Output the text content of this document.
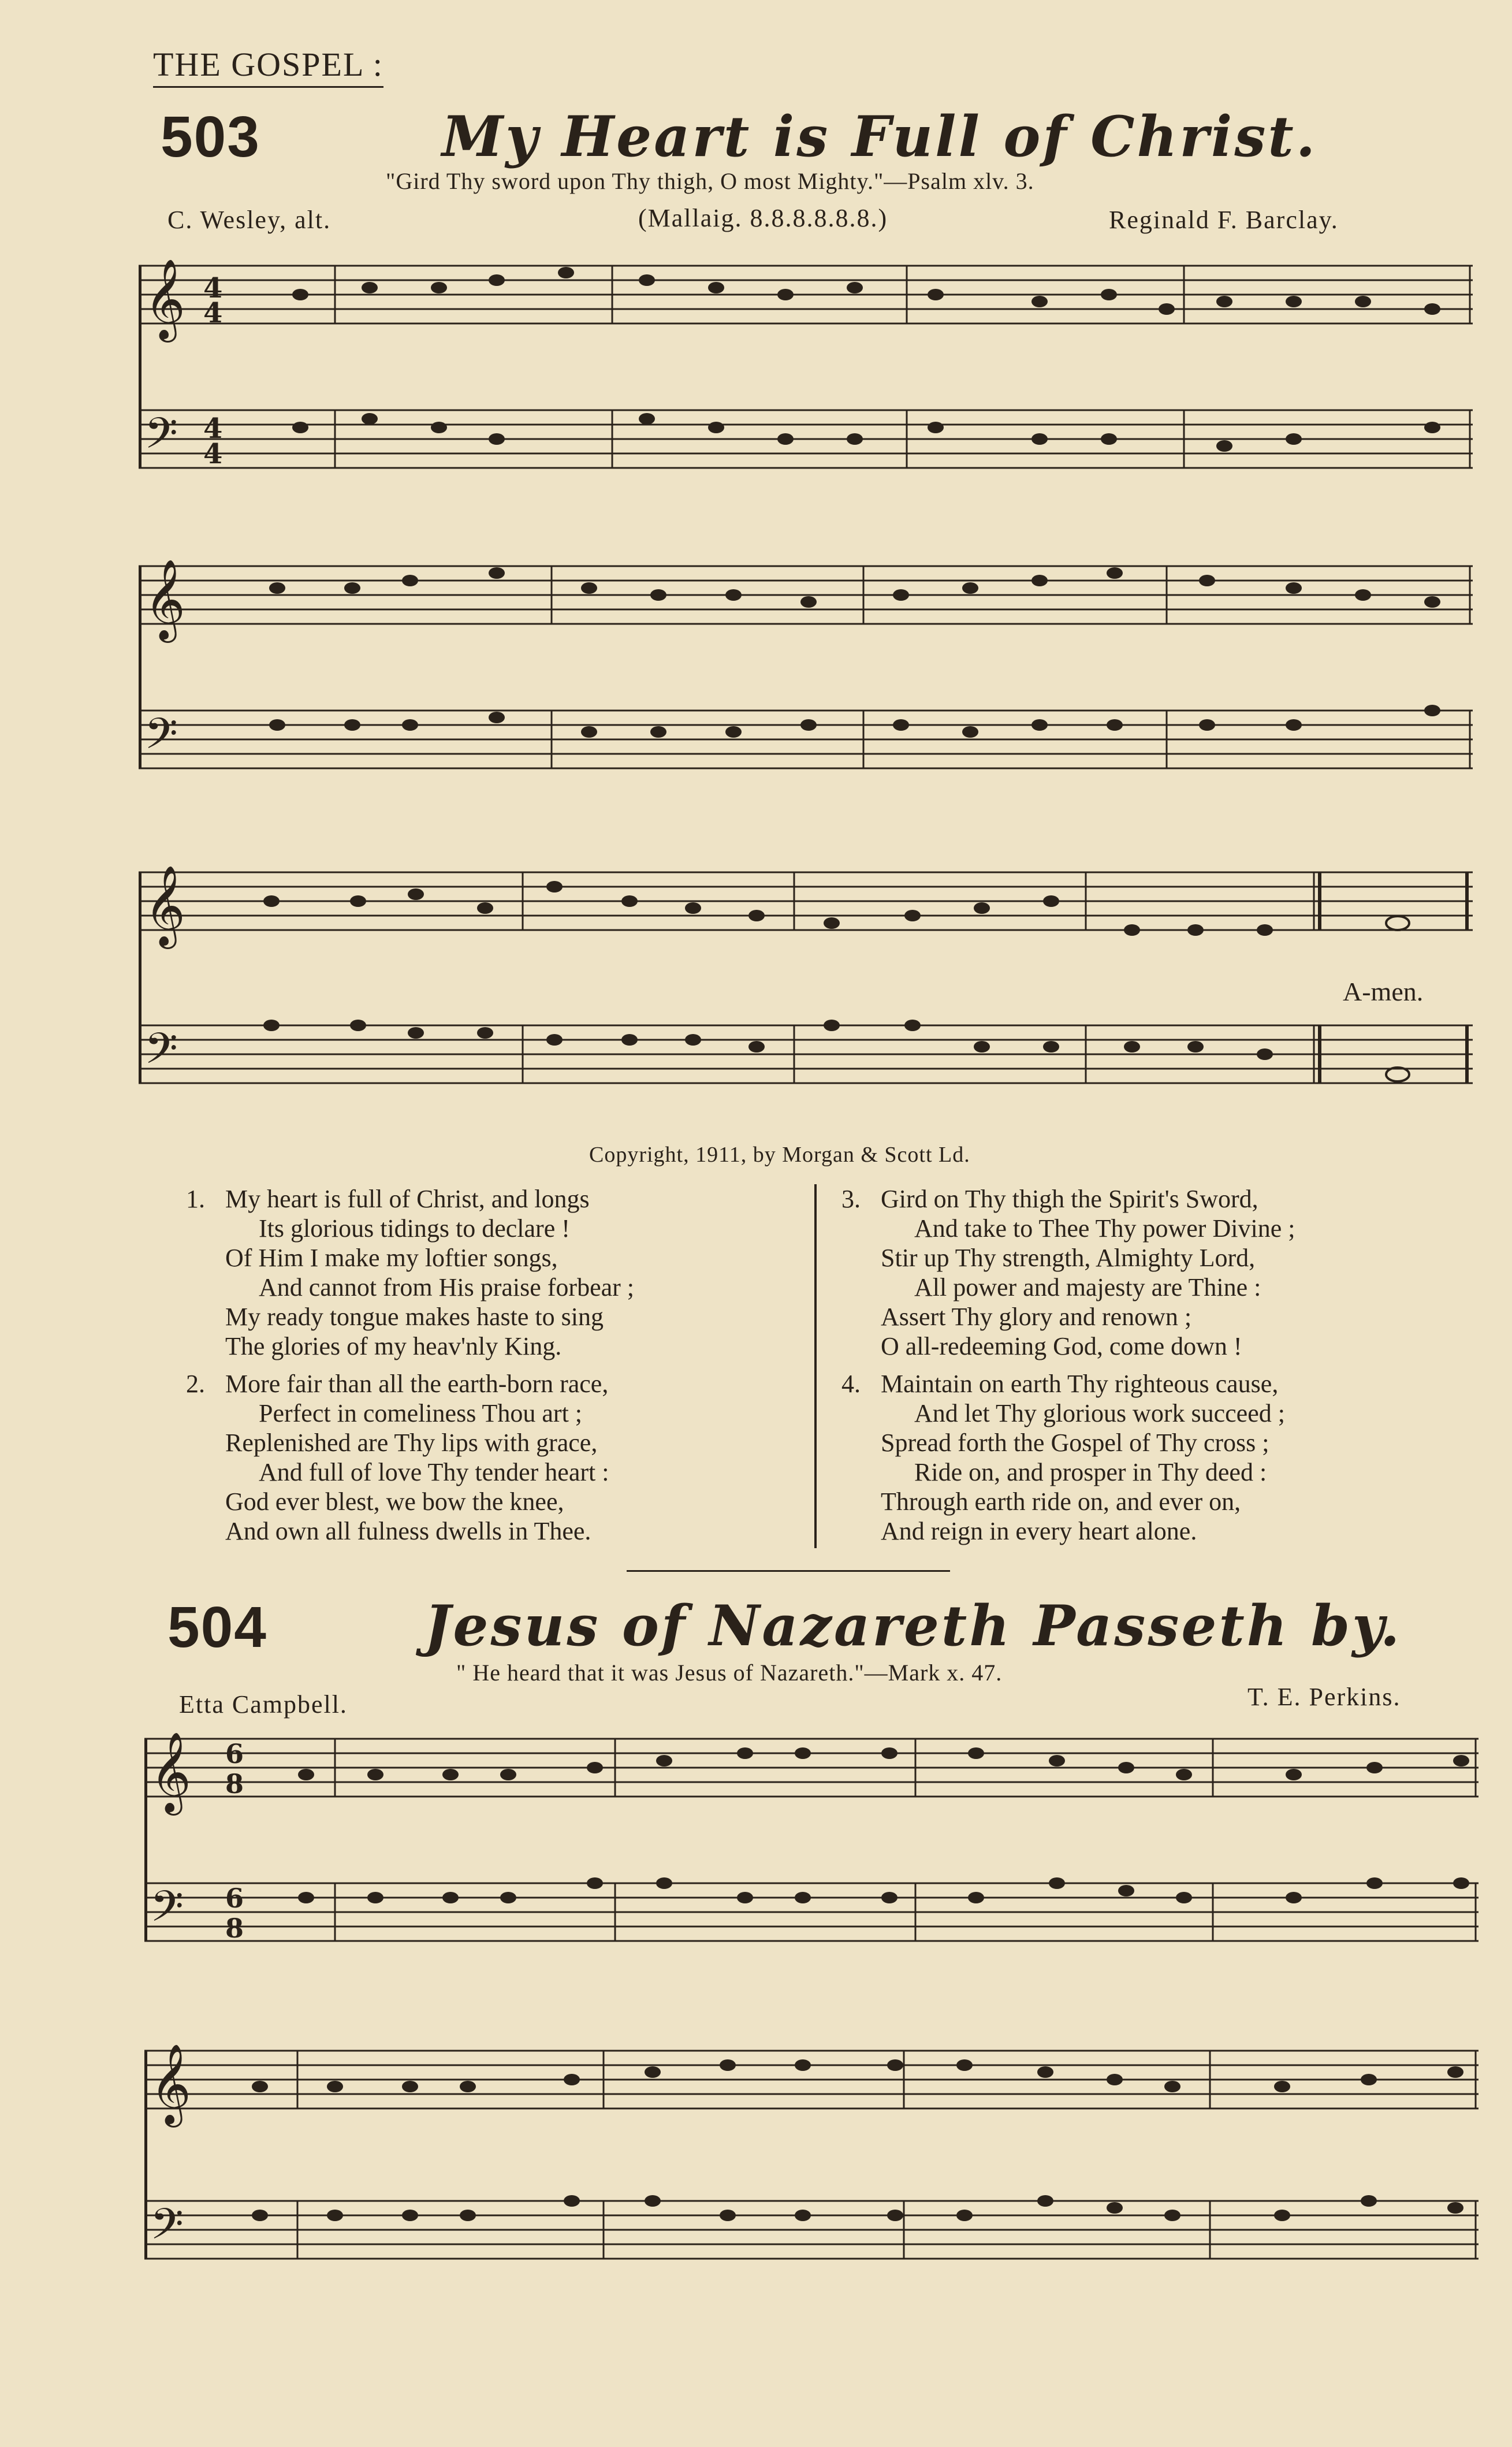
THE GOSPEL :
503	My Heart is Full of Christ.
"Gird Thy sword upon Thy thigh, O most Mighty."—Psalm xlv. 3.
C. Wesley, alt.	(Mallaig. 8.8.8.8.8.8.)	Reginald F. Barclay.
𝄞
𝄢
4
4
4
4
𝄞
𝄢
𝄞
𝄢
A-men.
Copyright, 1911, by Morgan & Scott Ld.
1. My heart is full of Christ, and longs
Its glorious tidings to declare !
Of Him I make my loftier songs,
And cannot from His praise forbear ;
My ready tongue makes haste to sing
The glories of my heav'nly King.
2. More fair than all the earth-born race,
Perfect in comeliness Thou art ;
Replenished are Thy lips with grace,
And full of love Thy tender heart :
God ever blest, we bow the knee,
And own all fulness dwells in Thee.
3. Gird on Thy thigh the Spirit's Sword,
And take to Thee Thy power Divine ;
Stir up Thy strength, Almighty Lord,
All power and majesty are Thine :
Assert Thy glory and renown ;
O all-redeeming God, come down !
4. Maintain on earth Thy righteous cause,
And let Thy glorious work succeed ;
Spread forth the Gospel of Thy cross ;
Ride on, and prosper in Thy deed :
Through earth ride on, and ever on,
And reign in every heart alone.
504	Jesus of Nazareth Passeth by.
" He heard that it was Jesus of Nazareth."—Mark x. 47.
Etta Campbell.	T. E. Perkins.
𝄞
𝄢
6
8
6
8
𝄞
𝄢
